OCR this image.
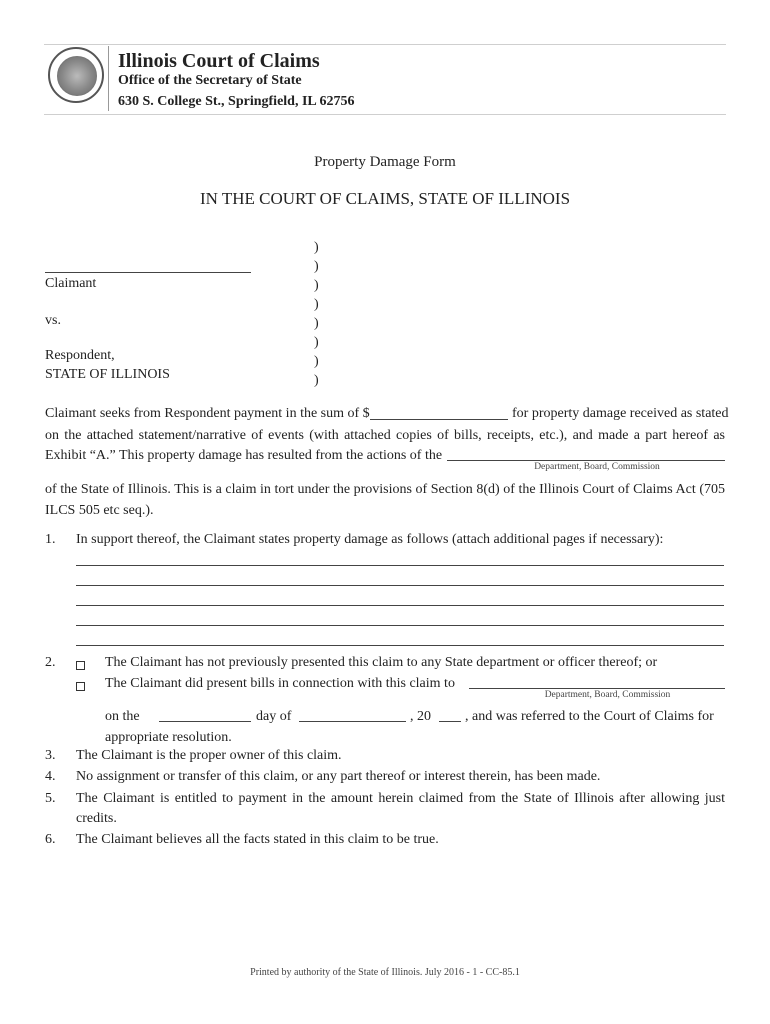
Illinois Court of Claims
Office of the Secretary of State
630 S. College St., Springfield, IL 62756
Property Damage Form
IN THE COURT OF CLAIMS, STATE OF ILLINOIS
Claimant
vs.
Respondent,
STATE OF ILLINOIS
)
)
)
)
)
)
)
)
Claimant seeks from Respondent payment in the sum of $	for property damage received as stated
on the attached statement/narrative of events (with attached copies of bills, receipts, etc.), and made a part hereof as
Exhibit “A.” This property damage has resulted from the actions of the
Department, Board, Commission
of the State of Illinois. This is a claim in tort under the provisions of Section 8(d) of the Illinois Court of Claims Act (705
ILCS 505 etc seq.).
1. In support thereof, the Claimant states property damage as follows (attach additional pages if necessary):
2.	The Claimant has not previously presented this claim to any State department or officer thereof; or
The Claimant did present bills in connection with this claim to
Department, Board, Commission
on the	day of	, 20 , and was referred to the Court of Claims for
appropriate resolution.
3. The Claimant is the proper owner of this claim.
4. No assignment or transfer of this claim, or any part thereof or interest therein, has been made.
5. The Claimant is entitled to payment in the amount herein claimed from the State of Illinois after allowing just
credits.
6. The Claimant believes all the facts stated in this claim to be true.
Printed by authority of the State of Illinois. July 2016 - 1 - CC-85.1
